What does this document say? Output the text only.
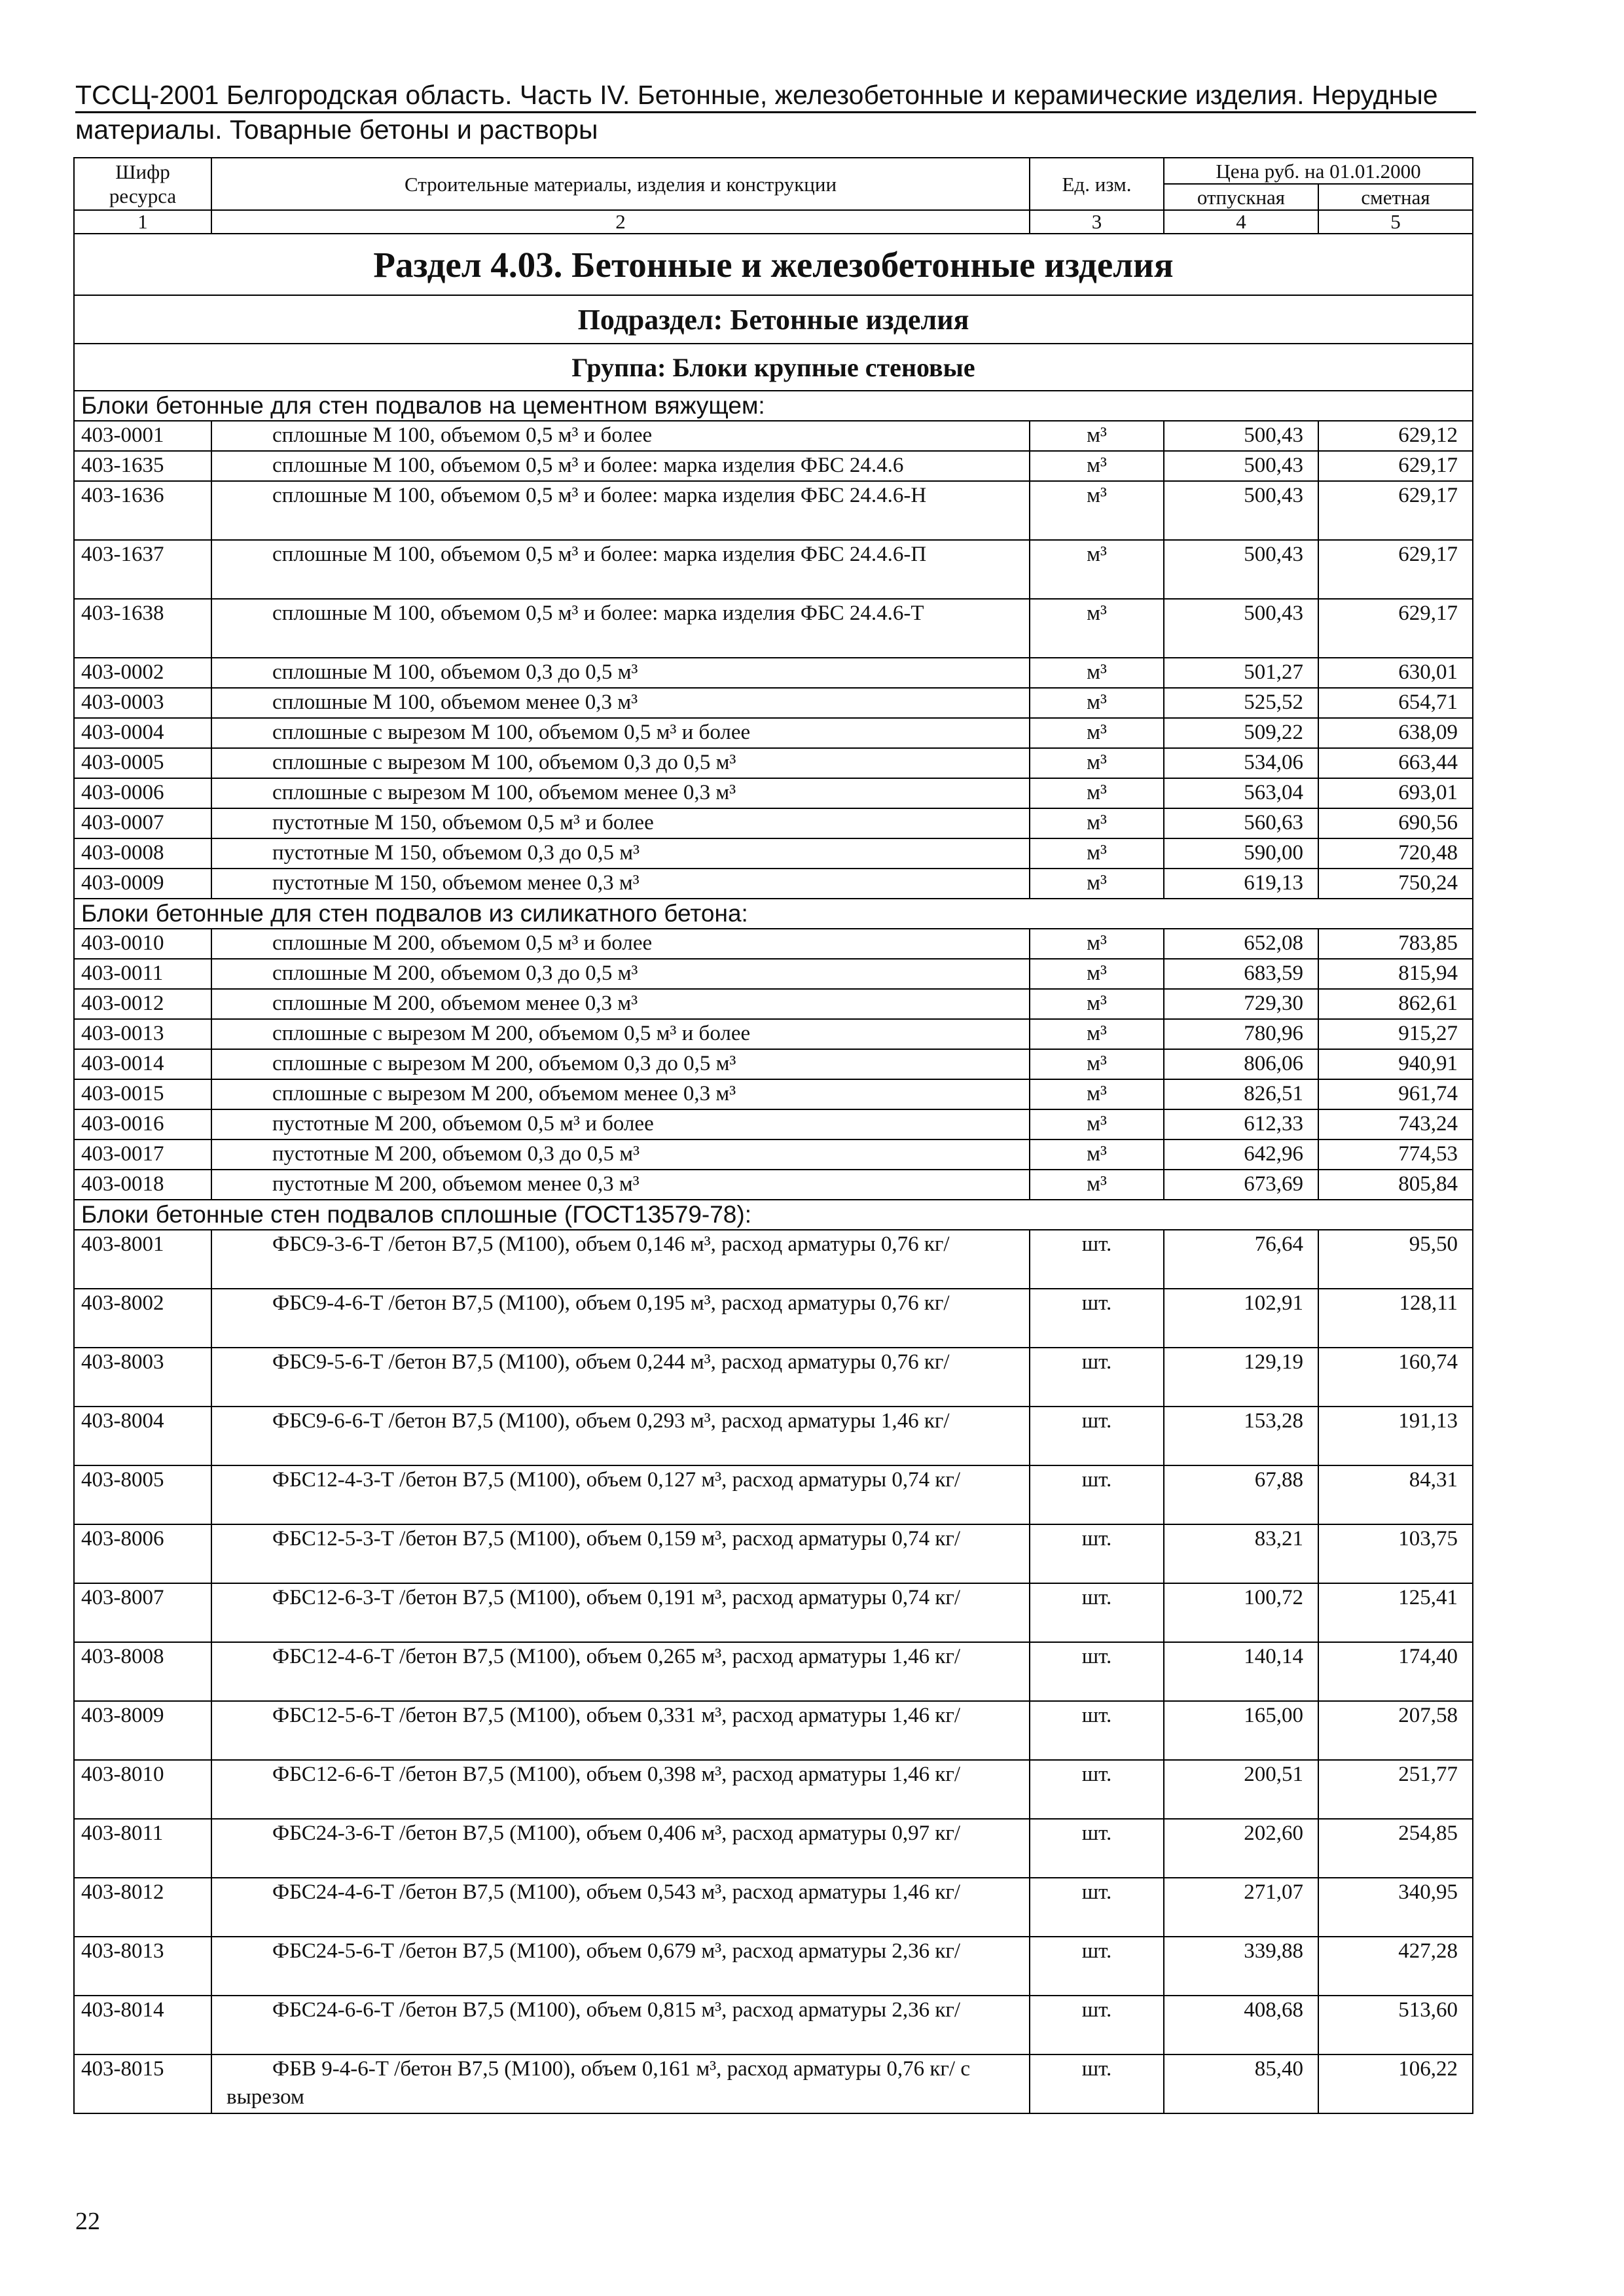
ТССЦ-2001 Белгородская область. Часть IV. Бетонные, железобетонные и керамические изделия. Нерудные
материалы. Товарные бетоны и растворы
Шифр ресурса	Строительные материалы, изделия и конструкции	Ед. изм.	Цена руб. на 01.01.2000	
			отпускная	сметная
1	2	3	4	5
Раздел 4.03. Бетонные и железобетонные изделия				
Подраздел: Бетонные изделия				
Группа: Блоки крупные стеновые				
Блоки бетонные для стен подвалов на цементном вяжущем:				
403-0001	сплошные М 100, объемом 0,5 м³ и более	м³	500,43	629,12
403-1635	сплошные М 100, объемом 0,5 м³ и более: марка изделия ФБС 24.4.6	м³	500,43	629,17
403-1636	сплошные М 100, объемом 0,5 м³ и более: марка изделия ФБС 24.4.6-Н	м³	500,43	629,17
403-1637	сплошные М 100, объемом 0,5 м³ и более: марка изделия ФБС 24.4.6-П	м³	500,43	629,17
403-1638	сплошные М 100, объемом 0,5 м³ и более: марка изделия ФБС 24.4.6-Т	м³	500,43	629,17
403-0002	сплошные М 100, объемом 0,3 до 0,5 м³	м³	501,27	630,01
403-0003	сплошные М 100, объемом менее 0,3 м³	м³	525,52	654,71
403-0004	сплошные с вырезом М 100, объемом 0,5 м³ и более	м³	509,22	638,09
403-0005	сплошные с вырезом М 100, объемом 0,3 до 0,5 м³	м³	534,06	663,44
403-0006	сплошные с вырезом М 100, объемом менее 0,3 м³	м³	563,04	693,01
403-0007	пустотные М 150, объемом 0,5 м³ и более	м³	560,63	690,56
403-0008	пустотные М 150, объемом 0,3 до 0,5 м³	м³	590,00	720,48
403-0009	пустотные М 150, объемом менее 0,3 м³	м³	619,13	750,24
Блоки бетонные для стен подвалов из силикатного бетона:				
403-0010	сплошные М 200, объемом 0,5 м³ и более	м³	652,08	783,85
403-0011	сплошные М 200, объемом 0,3 до 0,5 м³	м³	683,59	815,94
403-0012	сплошные М 200, объемом менее 0,3 м³	м³	729,30	862,61
403-0013	сплошные с вырезом М 200, объемом 0,5 м³ и более	м³	780,96	915,27
403-0014	сплошные с вырезом М 200, объемом 0,3 до 0,5 м³	м³	806,06	940,91
403-0015	сплошные с вырезом М 200, объемом менее 0,3 м³	м³	826,51	961,74
403-0016	пустотные М 200, объемом 0,5 м³ и более	м³	612,33	743,24
403-0017	пустотные М 200, объемом 0,3 до 0,5 м³	м³	642,96	774,53
403-0018	пустотные М 200, объемом менее 0,3 м³	м³	673,69	805,84
Блоки бетонные стен подвалов сплошные (ГОСТ13579-78):				
403-8001	ФБС9-3-6-Т /бетон В7,5 (М100), объем 0,146 м³, расход арматуры 0,76 кг/	шт.	76,64	95,50
403-8002	ФБС9-4-6-Т /бетон В7,5 (М100), объем 0,195 м³, расход арматуры 0,76 кг/	шт.	102,91	128,11
403-8003	ФБС9-5-6-Т /бетон В7,5 (М100), объем 0,244 м³, расход арматуры 0,76 кг/	шт.	129,19	160,74
403-8004	ФБС9-6-6-Т /бетон В7,5 (М100), объем 0,293 м³, расход арматуры 1,46 кг/	шт.	153,28	191,13
403-8005	ФБС12-4-3-Т /бетон В7,5 (М100), объем 0,127 м³, расход арматуры 0,74 кг/	шт.	67,88	84,31
403-8006	ФБС12-5-3-Т /бетон В7,5 (М100), объем 0,159 м³, расход арматуры 0,74 кг/	шт.	83,21	103,75
403-8007	ФБС12-6-3-Т /бетон В7,5 (М100), объем 0,191 м³, расход арматуры 0,74 кг/	шт.	100,72	125,41
403-8008	ФБС12-4-6-Т /бетон В7,5 (М100), объем 0,265 м³, расход арматуры 1,46 кг/	шт.	140,14	174,40
403-8009	ФБС12-5-6-Т /бетон В7,5 (М100), объем 0,331 м³, расход арматуры 1,46 кг/	шт.	165,00	207,58
403-8010	ФБС12-6-6-Т /бетон В7,5 (М100), объем 0,398 м³, расход арматуры 1,46 кг/	шт.	200,51	251,77
403-8011	ФБС24-3-6-Т /бетон В7,5 (М100), объем 0,406 м³, расход арматуры 0,97 кг/	шт.	202,60	254,85
403-8012	ФБС24-4-6-Т /бетон В7,5 (М100), объем 0,543 м³, расход арматуры 1,46 кг/	шт.	271,07	340,95
403-8013	ФБС24-5-6-Т /бетон В7,5 (М100), объем 0,679 м³, расход арматуры 2,36 кг/	шт.	339,88	427,28
403-8014	ФБС24-6-6-Т /бетон В7,5 (М100), объем 0,815 м³, расход арматуры 2,36 кг/	шт.	408,68	513,60
403-8015	ФБВ 9-4-6-Т /бетон В7,5 (М100), объем 0,161 м³, расход арматуры 0,76 кг/ с вырезом	шт.	85,40	106,22
22
